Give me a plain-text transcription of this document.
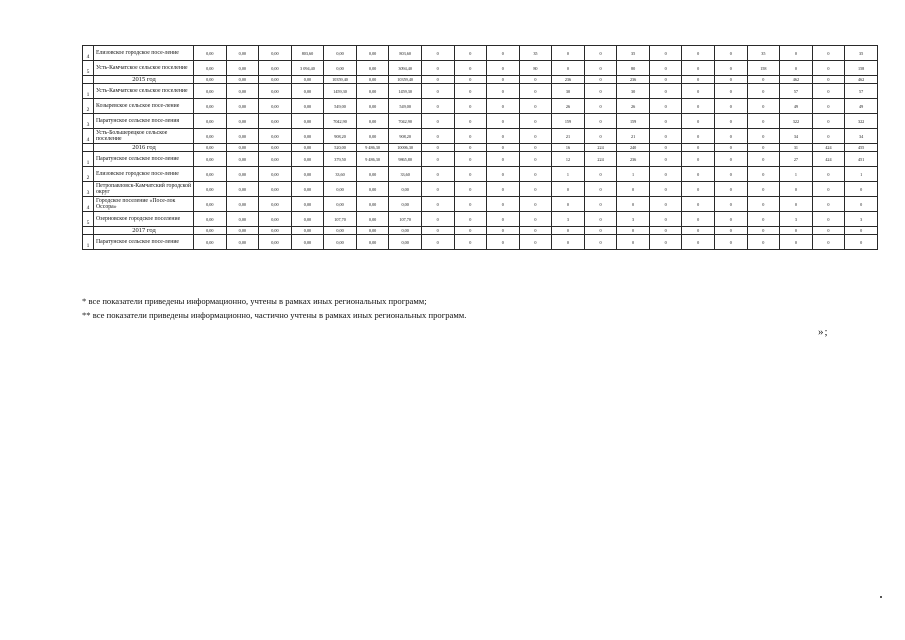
4	Елизовское городское посе-ление	0,00	0,00	0,00	803,60	0,00	0,00	803,60	0	0	0	35	0	0	35	0	0	0	35	0	0	35
5	Усть-Камчатское сельское поселение	0,00	0,00	0,00	3 094,40	0,00	0,00	3094,40	0	0	0	80	0	0	80	0	0	0	158	0	0	158
	2015 год	0,00	0,00	0,00	0,00	10359,40	0,00	10359,40	0	0	0	0	236	0	236	0	0	0	0	462	0	462
1	Усть-Камчатское сельское поселение	0,00	0,00	0,00	0,00	1459,30	0,00	1459,30	0	0	0	0	30	0	30	0	0	0	0	57	0	57
2	Козыревское сельское посе-ление	0,00	0,00	0,00	0,00	549,00	0,00	549,00	0	0	0	0	26	0	26	0	0	0	0	49	0	49
3	Паратунское сельское посе-ления	0,00	0,00	0,00	0,00	7042,90	0,00	7042,90	0	0	0	0	159	0	159	0	0	0	0	322	0	322
4	Усть-Большерецкое сельское поселение	0,00	0,00	0,00	0,00	908,20	0,00	908,20	0	0	0	0	21	0	21	0	0	0	0	34	0	34
	2016 год	0,00	0,00	0,00	0,00	520,00	9 486,30	10006,30	0	0	0	0	16	224	240	0	0	0	0	31	424	455
1	Паратунское сельское посе-ление	0,00	0,00	0,00	0,00	379,50	9 486,30	9865,80	0	0	0	0	12	224	236	0	0	0	0	27	424	451
2	Елизовское городское посе-ление	0,00	0,00	0,00	0,00	33,60	0,00	33,60	0	0	0	0	1	0	1	0	0	0	0	1	0	1
3	Петропавловск-Камчатский городской округ	0,00	0,00	0,00	0,00	0,00	0,00	0,00	0	0	0	0	0	0	0	0	0	0	0	0	0	0
4	Городское поселение «Посе-лок Оссора»	0,00	0,00	0,00	0,00	0,00	0,00	0,00	0	0	0	0	0	0	0	0	0	0	0	0	0	0
5	Озерновское городское поселение	0,00	0,00	0,00	0,00	107,70	0,00	107,70	0	0	0	0	3	0	3	0	0	0	0	3	0	3
	2017 год	0,00	0,00	0,00	0,00	0,00	0,00	0,00	0	0	0	0	0	0	0	0	0	0	0	0	0	0
1	Паратунское сельское посе-ление	0,00	0,00	0,00	0,00	0,00	0,00	0,00	0	0	0	0	0	0	0	0	0	0	0	0	0	0
* все показатели приведены информационно, учтены в рамках иных региональных программ;
** все показатели приведены информационно, частично учтены в рамках иных региональных программ.
»;
